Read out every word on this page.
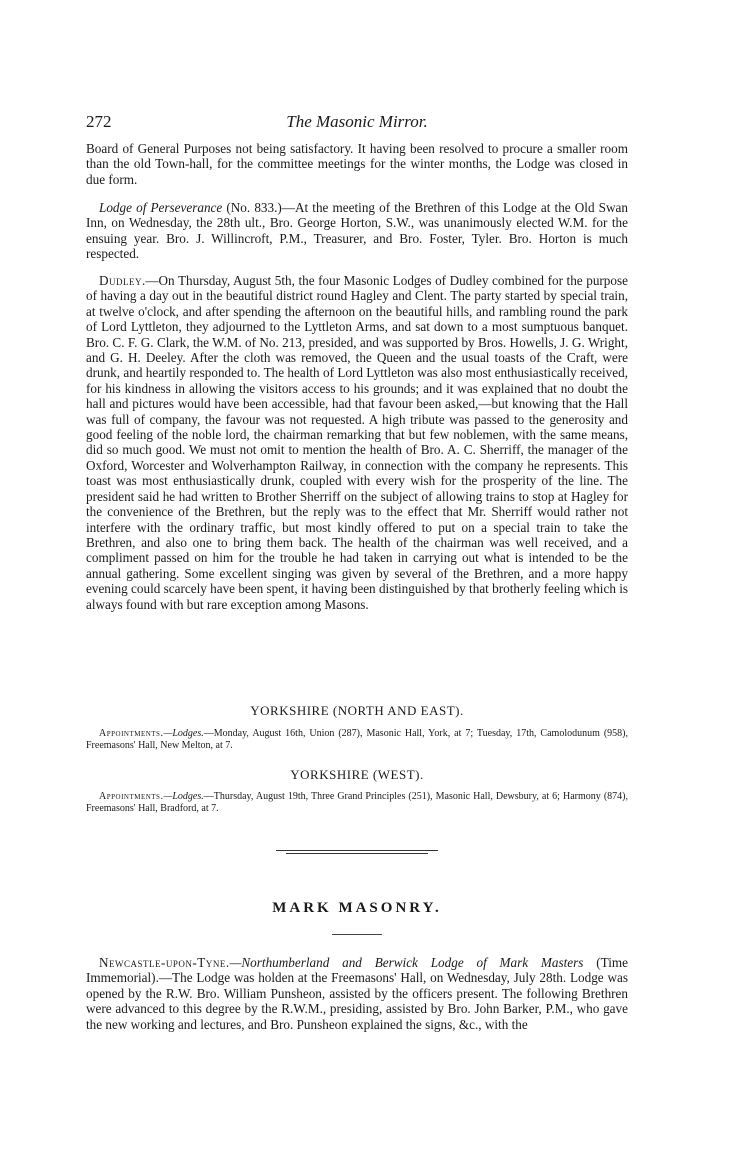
272	The Masonic Mirror.

Board of General Purposes not being satisfactory. It having been resolved to procure a smaller room than the old Town-hall, for the committee meetings for the winter months, the Lodge was closed in due form.

Lodge of Perseverance (No. 833.)—At the meeting of the Brethren of this Lodge at the Old Swan Inn, on Wednesday, the 28th ult., Bro. George Horton, S.W., was unanimously elected W.M. for the ensuing year. Bro. J. Willincroft, P.M., Treasurer, and Bro. Foster, Tyler. Bro. Horton is much respected.

Dudley.—On Thursday, August 5th, the four Masonic Lodges of Dudley combined for the purpose of having a day out in the beautiful district round Hagley and Clent. The party started by special train, at twelve o'clock, and after spending the afternoon on the beautiful hills, and rambling round the park of Lord Lyttleton, they adjourned to the Lyttleton Arms, and sat down to a most sumptuous banquet. Bro. C. F. G. Clark, the W.M. of No. 213, presided, and was supported by Bros. Howells, J. G. Wright, and G. H. Deeley. After the cloth was removed, the Queen and the usual toasts of the Craft, were drunk, and heartily responded to. The health of Lord Lyttleton was also most enthusiastically received, for his kindness in allowing the visitors access to his grounds; and it was explained that no doubt the hall and pictures would have been accessible, had that favour been asked,—but knowing that the Hall was full of company, the favour was not requested. A high tribute was passed to the generosity and good feeling of the noble lord, the chairman remarking that but few noblemen, with the same means, did so much good. We must not omit to mention the health of Bro. A. C. Sherriff, the manager of the Oxford, Worcester and Wolverhampton Railway, in connection with the company he represents. This toast was most enthusiastically drunk, coupled with every wish for the prosperity of the line. The president said he had written to Brother Sherriff on the subject of allowing trains to stop at Hagley for the convenience of the Brethren, but the reply was to the effect that Mr. Sherriff would rather not interfere with the ordinary traffic, but most kindly offered to put on a special train to take the Brethren, and also one to bring them back. The health of the chairman was well received, and a compliment passed on him for the trouble he had taken in carrying out what is intended to be the annual gathering. Some excellent singing was given by several of the Brethren, and a more happy evening could scarcely have been spent, it having been distinguished by that brotherly feeling which is always found with but rare exception among Masons.

YORKSHIRE (NORTH AND EAST).

Appointments.—Lodges.—Monday, August 16th, Union (287), Masonic Hall, York, at 7; Tuesday, 17th, Camolodunum (958), Freemasons' Hall, New Melton, at 7.

YORKSHIRE (WEST).

Appointments.—Lodges.—Thursday, August 19th, Three Grand Principles (251), Masonic Hall, Dewsbury, at 6; Harmony (874), Freemasons' Hall, Bradford, at 7.

MARK MASONRY.

Newcastle-upon-Tyne.—Northumberland and Berwick Lodge of Mark Masters (Time Immemorial).—The Lodge was holden at the Freemasons' Hall, on Wednesday, July 28th. Lodge was opened by the R.W. Bro. William Punsheon, assisted by the officers present. The following Brethren were advanced to this degree by the R.W.M., presiding, assisted by Bro. John Barker, P.M., who gave the new working and lectures, and Bro. Punsheon explained the signs, &c., with the
